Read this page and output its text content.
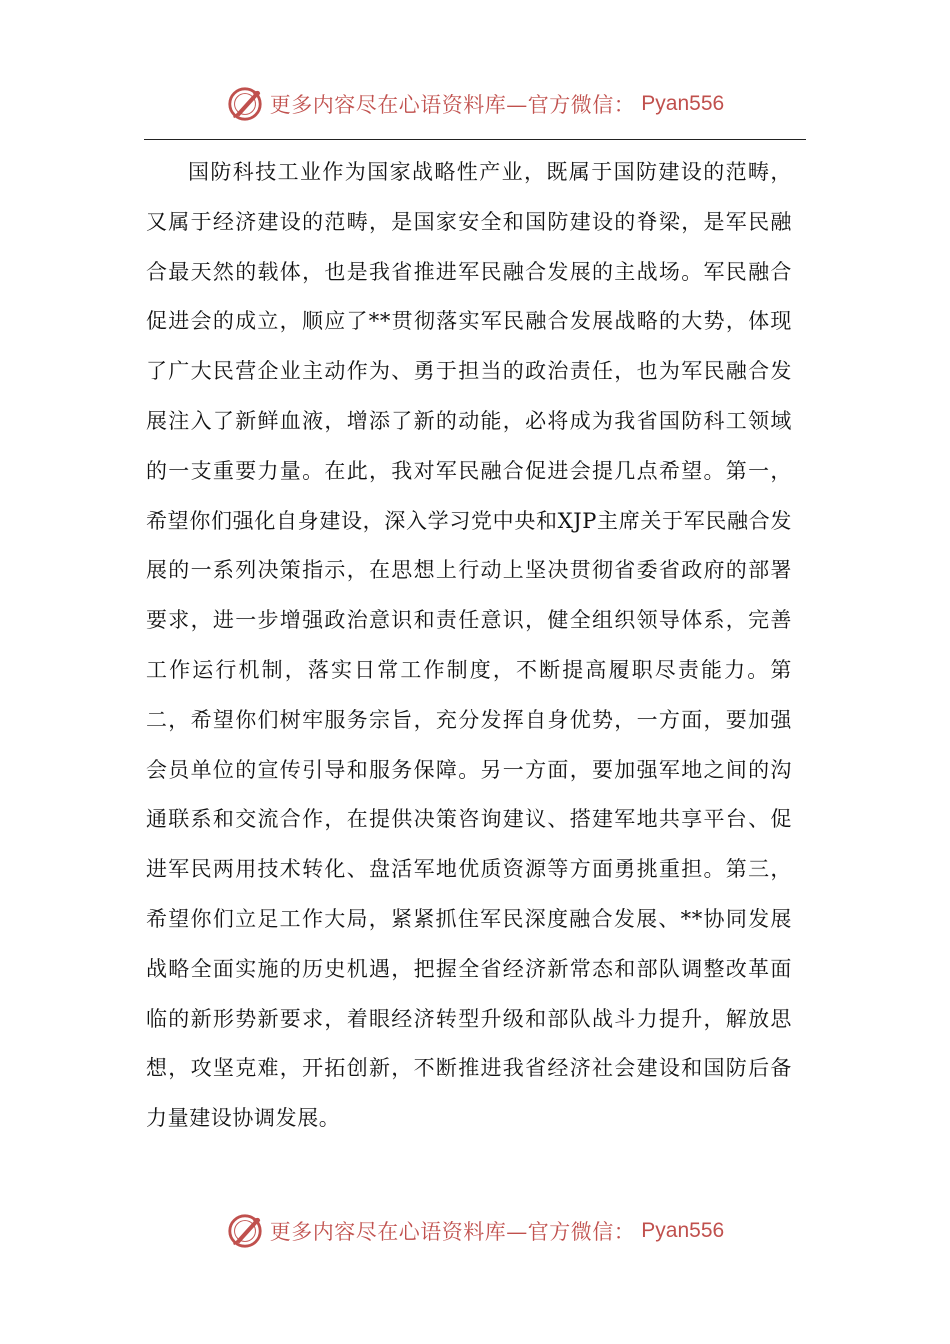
更多内容尽在心语资料库—官方微信： Pyan556

国防科技工业作为国家战略性产业，既属于国防建设的范畴，又属于经济建设的范畴，是国家安全和国防建设的脊梁，是军民融合最天然的载体，也是我省推进军民融合发展的主战场。军民融合促进会的成立，顺应了**贯彻落实军民融合发展战略的大势，体现了广大民营企业主动作为、勇于担当的政治责任，也为军民融合发展注入了新鲜血液，增添了新的动能，必将成为我省国防科工领域的一支重要力量。在此，我对军民融合促进会提几点希望。第一，希望你们强化自身建设，深入学习党中央和XJP主席关于军民融合发展的一系列决策指示，在思想上行动上坚决贯彻省委省政府的部署要求，进一步增强政治意识和责任意识，健全组织领导体系，完善工作运行机制，落实日常工作制度，不断提高履职尽责能力。第二，希望你们树牢服务宗旨，充分发挥自身优势，一方面，要加强会员单位的宣传引导和服务保障。另一方面，要加强军地之间的沟通联系和交流合作，在提供决策咨询建议、搭建军地共享平台、促进军民两用技术转化、盘活军地优质资源等方面勇挑重担。第三，希望你们立足工作大局，紧紧抓住军民深度融合发展、**协同发展战略全面实施的历史机遇，把握全省经济新常态和部队调整改革面临的新形势新要求，着眼经济转型升级和部队战斗力提升，解放思想，攻坚克难，开拓创新，不断推进我省经济社会建设和国防后备力量建设协调发展。

更多内容尽在心语资料库—官方微信： Pyan556
